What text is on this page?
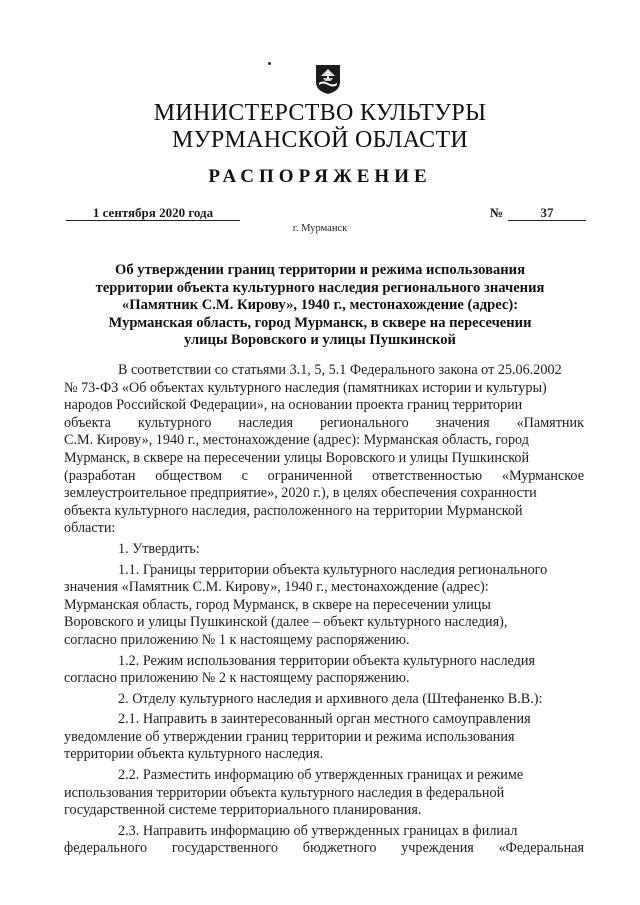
МИНИСТЕРСТВО КУЛЬТУРЫ
МУРМАНСКОЙ ОБЛАСТИ
РАСПОРЯЖЕНИЕ
1 сентября 2020 года	№	37
г. Мурманск
Об утверждении границ территории и режима использования
территории объекта культурного наследия регионального значения
«Памятник С.М. Кирову», 1940 г., местонахождение (адрес):
Мурманская область, город Мурманск, в сквере на пересечении
улицы Воровского и улицы Пушкинской
В соответствии со статьями 3.1, 5, 5.1 Федерального закона от 25.06.2002
№ 73-ФЗ «Об объектах культурного наследия (памятниках истории и культуры)
народов Российской Федерации», на основании проекта границ территории
объекта культурного наследия регионального значения «Памятник
С.М. Кирову», 1940 г., местонахождение (адрес): Мурманская область, город
Мурманск, в сквере на пересечении улицы Воровского и улицы Пушкинской
(разработан обществом с ограниченной ответственностью «Мурманское
землеустроительное предприятие», 2020 г.), в целях обеспечения сохранности
объекта культурного наследия, расположенного на территории Мурманской
области:
1. Утвердить:
1.1. Границы территории объекта культурного наследия регионального
значения «Памятник С.М. Кирову», 1940 г., местонахождение (адрес):
Мурманская область, город Мурманск, в сквере на пересечении улицы
Воровского и улицы Пушкинской (далее – объект культурного наследия),
согласно приложению № 1 к настоящему распоряжению.
1.2. Режим использования территории объекта культурного наследия
согласно приложению № 2 к настоящему распоряжению.
2. Отделу культурного наследия и архивного дела (Штефаненко В.В.):
2.1. Направить в заинтересованный орган местного самоуправления
уведомление об утверждении границ территории и режима использования
территории объекта культурного наследия.
2.2. Разместить информацию об утвержденных границах и режиме
использования территории объекта культурного наследия в федеральной
государственной системе территориального планирования.
2.3. Направить информацию об утвержденных границах в филиал
федерального государственного бюджетного учреждения «Федеральная
